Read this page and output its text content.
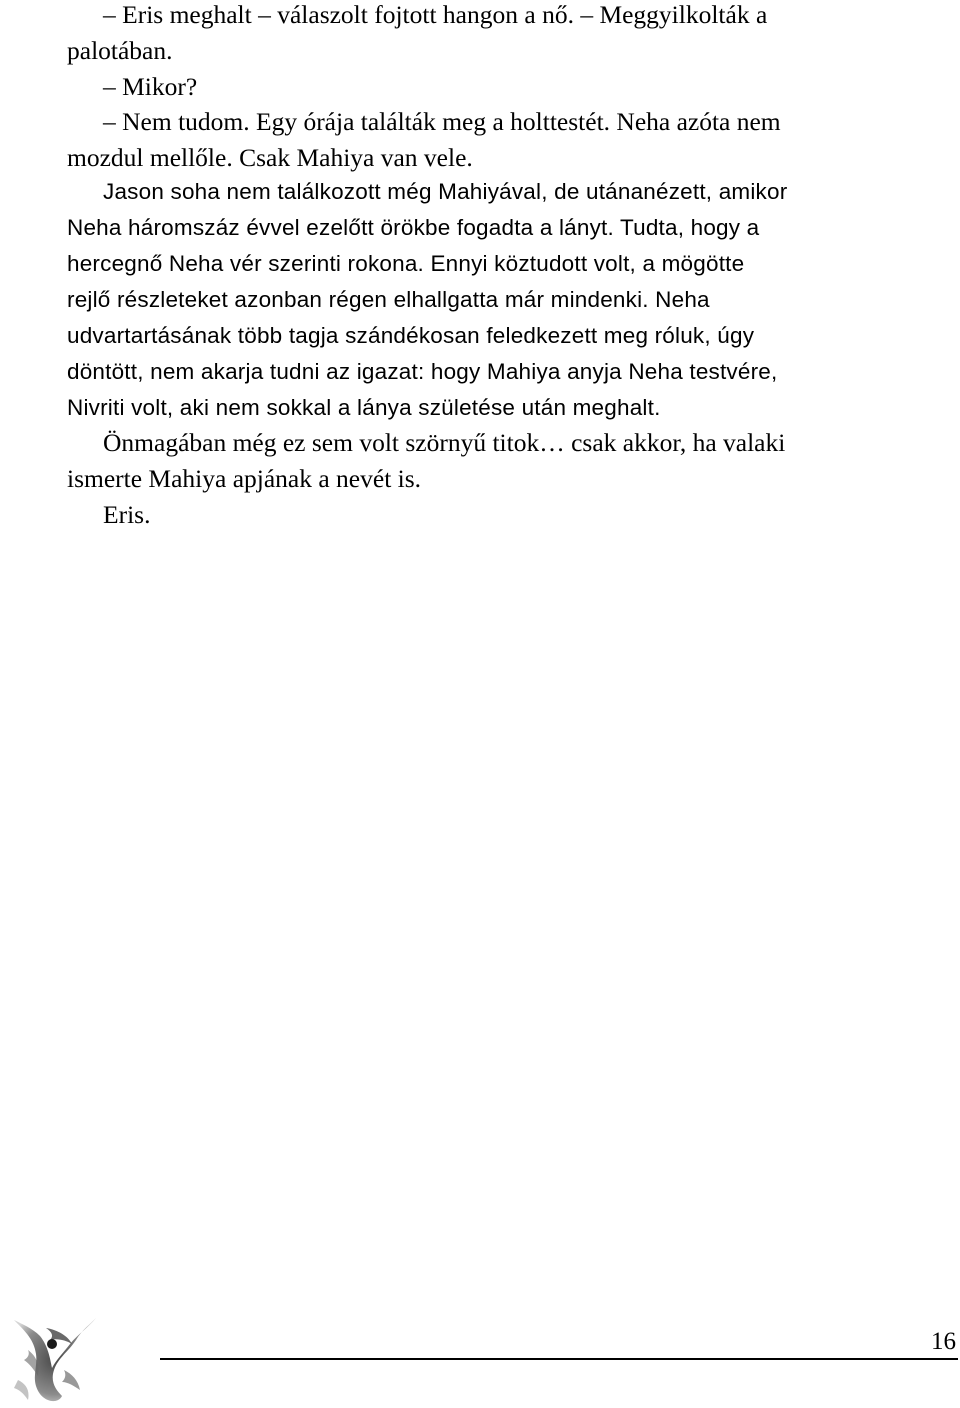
– Eris meghalt – válaszolt fojtott hangon a nő. – Meggyilkolták a
palotában.
– Mikor?
– Nem tudom. Egy órája találták meg a holttestét. Neha azóta nem
mozdul mellőle. Csak Mahiya van vele.
Jason soha nem találkozott még Mahiyával, de utánanézett, amikor
Neha háromszáz évvel ezelőtt örökbe fogadta a lányt. Tudta, hogy a
hercegnő Neha vér szerinti rokona. Ennyi köztudott volt, a mögötte
rejlő részleteket azonban régen elhallgatta már mindenki. Neha
udvartartásának több tagja szándékosan feledkezett meg róluk, úgy
döntött, nem akarja tudni az igazat: hogy Mahiya anyja Neha testvére,
Nivriti volt, aki nem sokkal a lánya születése után meghalt.
Önmagában még ez sem volt szörnyű titok… csak akkor, ha valaki
ismerte Mahiya apjának a nevét is.
Eris.
16
